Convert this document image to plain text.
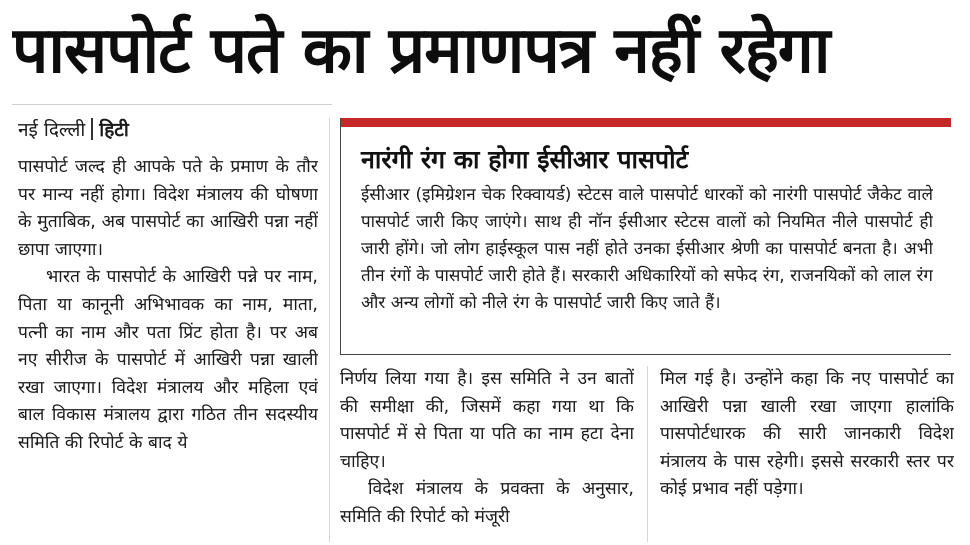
पासपोर्ट पते का प्रमाणपत्र नहीं रहेगा
नई दिल्ली हिटी

पासपोर्ट जल्द ही आपके पते के प्रमाण के तौर पर मान्य नहीं होगा। विदेश मंत्रालय की घोषणा के मुताबिक, अब पासपोर्ट का आखिरी पन्ना नहीं छापा जाएगा।

भारत के पासपोर्ट के आखिरी पन्ने पर नाम, पिता या कानूनी अभिभावक का नाम, माता, पत्नी का नाम और पता प्रिंट होता है। पर अब नए सीरीज के पासपोर्ट में आखिरी पन्ना खाली रखा जाएगा। विदेश मंत्रालय और महिला एवं बाल विकास मंत्रालय द्वारा गठित तीन सदस्यीय समिति की रिपोर्ट के बाद ये

नारंगी रंग का होगा ईसीआर पासपोर्ट
ईसीआर (इमिग्रेशन चेक रिक्वायर्ड) स्टेटस वाले पासपोर्ट धारकों को नारंगी पासपोर्ट जैकेट वाले पासपोर्ट जारी किए जाएंगे। साथ ही नॉन ईसीआर स्टेटस वालों को नियमित नीले पासपोर्ट ही जारी होंगे। जो लोग हाईस्कूल पास नहीं होते उनका ईसीआर श्रेणी का पासपोर्ट बनता है। अभी तीन रंगों के पासपोर्ट जारी होते हैं। सरकारी अधिकारियों को सफेद रंग, राजनयिकों को लाल रंग और अन्य लोगों को नीले रंग के पासपोर्ट जारी किए जाते हैं।

निर्णय लिया गया है। इस समिति ने उन बातों की समीक्षा की, जिसमें कहा गया था कि पासपोर्ट में से पिता या पति का नाम हटा देना चाहिए।

विदेश मंत्रालय के प्रवक्ता के अनुसार, समिति की रिपोर्ट को मंजूरी

मिल गई है। उन्होंने कहा कि नए पासपोर्ट का आखिरी पन्ना खाली रखा जाएगा हालांकि पासपोर्टधारक की सारी जानकारी विदेश मंत्रालय के पास रहेगी। इससे सरकारी स्तर पर कोई प्रभाव नहीं पड़ेगा।
